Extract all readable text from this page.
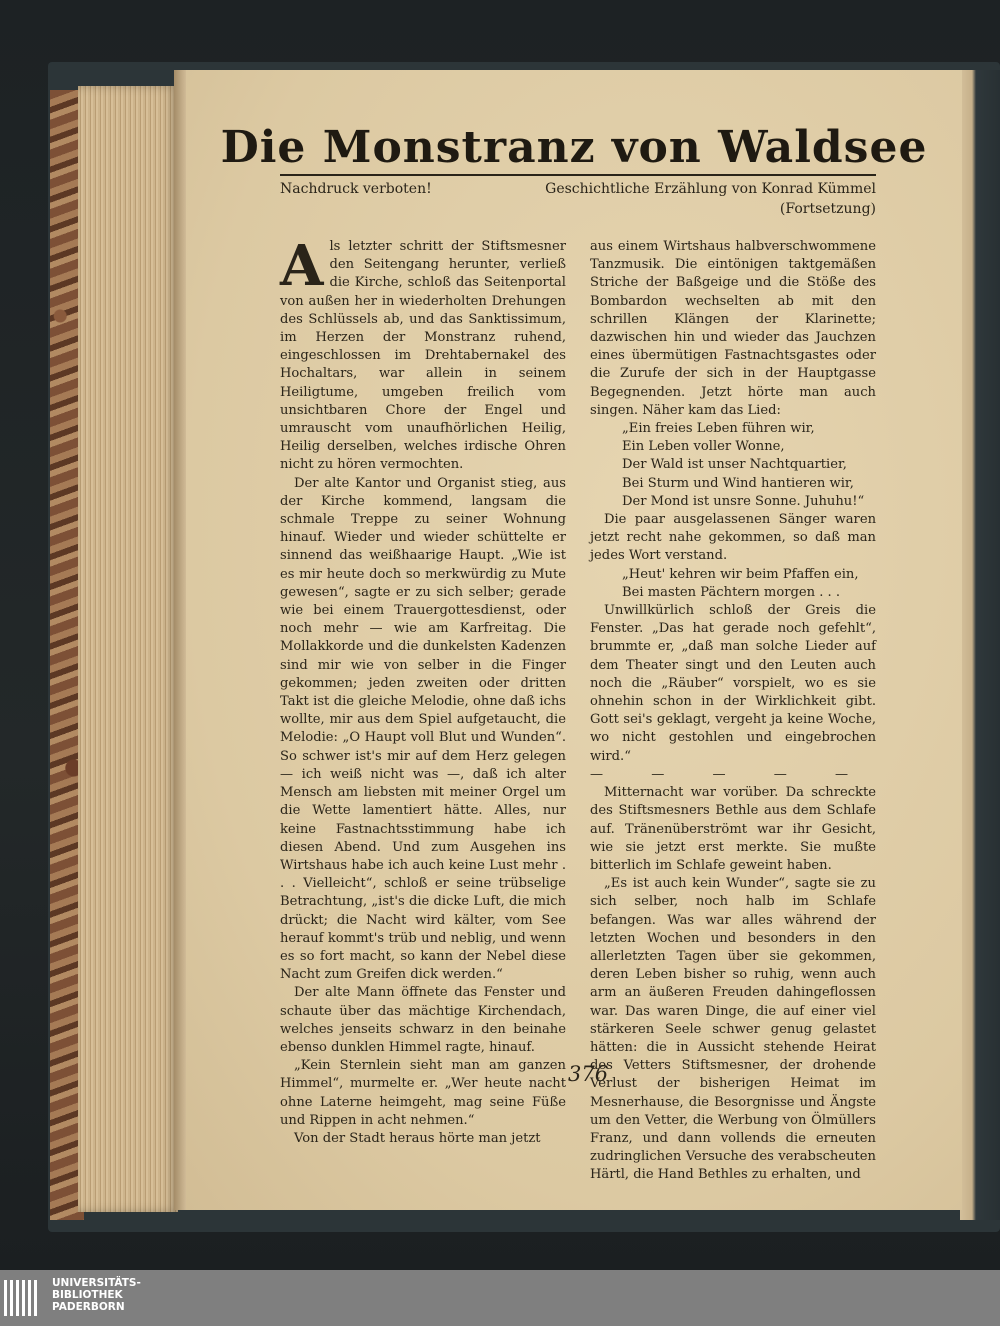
Die Monstranz von Waldsee
Nachdruck verboten!	Geschichtliche Erzählung von Konrad Kümmel
(Fortsetzung)

Als letzter schritt der Stiftsmesner den Seitengang herunter, verließ die Kirche, schloß das Seitenportal von außen her in wiederholten Drehungen des Schlüssels ab, und das Sanktissimum, im Herzen der Monstranz ruhend, eingeschlossen im Drehtabernakel des Hochaltars, war allein in seinem Heiligtume, umgeben freilich vom unsichtbaren Chore der Engel und umrauscht vom unaufhörlichen Heilig, Heilig derselben, welches irdische Ohren nicht zu hören vermochten.

Der alte Kantor und Organist stieg, aus der Kirche kommend, langsam die schmale Treppe zu seiner Wohnung hinauf. Wieder und wieder schüttelte er sinnend das weißhaarige Haupt. „Wie ist es mir heute doch so merkwürdig zu Mute gewesen“, sagte er zu sich selber; gerade wie bei einem Trauergottesdienst, oder noch mehr — wie am Karfreitag. Die Mollakkorde und die dunkelsten Kadenzen sind mir wie von selber in die Finger gekommen; jeden zweiten oder dritten Takt ist die gleiche Melodie, ohne daß ichs wollte, mir aus dem Spiel aufgetaucht, die Melodie: „O Haupt voll Blut und Wunden“. So schwer ist's mir auf dem Herz gelegen — ich weiß nicht was —, daß ich alter Mensch am liebsten mit meiner Orgel um die Wette lamentiert hätte. Alles, nur keine Fastnachtsstimmung habe ich diesen Abend. Und zum Ausgehen ins Wirtshaus habe ich auch keine Lust mehr . . . Vielleicht“, schloß er seine trübselige Betrachtung, „ist's die dicke Luft, die mich drückt; die Nacht wird kälter, vom See herauf kommt's trüb und neblig, und wenn es so fort macht, so kann der Nebel diese Nacht zum Greifen dick werden.“

Der alte Mann öffnete das Fenster und schaute über das mächtige Kirchendach, welches jenseits schwarz in den beinahe ebenso dunklen Himmel ragte, hinauf.

„Kein Sternlein sieht man am ganzen Himmel“, murmelte er. „Wer heute nacht ohne Laterne heimgeht, mag seine Füße und Rippen in acht nehmen.“

Von der Stadt heraus hörte man jetzt

aus einem Wirtshaus halbverschwommene Tanzmusik. Die eintönigen taktgemäßen Striche der Baßgeige und die Stöße des Bombardon wechselten ab mit den schrillen Klängen der Klarinette; dazwischen hin und wieder das Jauchzen eines übermütigen Fastnachtsgastes oder die Zurufe der sich in der Hauptgasse Begegnenden. Jetzt hörte man auch singen. Näher kam das Lied:

„Ein freies Leben führen wir,

Ein Leben voller Wonne,

Der Wald ist unser Nachtquartier,

Bei Sturm und Wind hantieren wir,

Der Mond ist unsre Sonne. Juhuhu!“

Die paar ausgelassenen Sänger waren jetzt recht nahe gekommen, so daß man jedes Wort verstand.

„Heut' kehren wir beim Pfaffen ein,

Bei masten Pächtern morgen . . .

Unwillkürlich schloß der Greis die Fenster. „Das hat gerade noch gefehlt“, brummte er, „daß man solche Lieder auf dem Theater singt und den Leuten auch noch die „Räuber“ vorspielt, wo es sie ohnehin schon in der Wirklichkeit gibt. Gott sei's geklagt, vergeht ja keine Woche, wo nicht gestohlen und eingebrochen wird.“

— — — — —

Mitternacht war vorüber. Da schreckte des Stiftsmesners Bethle aus dem Schlafe auf. Tränenüberströmt war ihr Gesicht, wie sie jetzt erst merkte. Sie mußte bitterlich im Schlafe geweint haben.

„Es ist auch kein Wunder“, sagte sie zu sich selber, noch halb im Schlafe befangen. Was war alles während der letzten Wochen und besonders in den allerletzten Tagen über sie gekommen, deren Leben bisher so ruhig, wenn auch arm an äußeren Freuden dahingeflossen war. Das waren Dinge, die auf einer viel stärkeren Seele schwer genug gelastet hätten: die in Aussicht stehende Heirat des Vetters Stiftsmesner, der drohende Verlust der bisherigen Heimat im Mesnerhause, die Besorgnisse und Ängste um den Vetter, die Werbung von Ölmüllers Franz, und dann vollends die erneuten zudringlichen Versuche des verabscheuten Härtl, die Hand Bethles zu erhalten, und

376
UNIVERSITÄTS-
BIBLIOTHEK
PADERBORN
